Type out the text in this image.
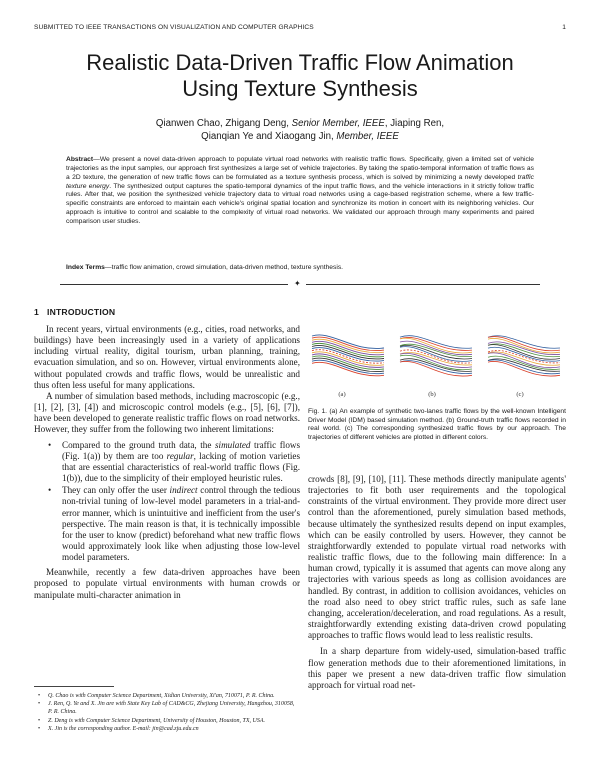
SUBMITTED TO IEEE TRANSACTIONS ON VISUALIZATION AND COMPUTER GRAPHICS	1
Realistic Data-Driven Traffic Flow Animation
Using Texture Synthesis
Qianwen Chao, Zhigang Deng, Senior Member, IEEE, Jiaping Ren,
Qianqian Ye and Xiaogang Jin, Member, IEEE
Abstract—We present a novel data-driven approach to populate virtual road networks with realistic traffic flows. Specifically, given a limited set of vehicle trajectories as the input samples, our approach first synthesizes a large set of vehicle trajectories. By taking the spatio-temporal information of traffic flows as a 2D texture, the generation of new traffic flows can be formulated as a texture synthesis process, which is solved by minimizing a newly developed traffic texture energy. The synthesized output captures the spatio-temporal dynamics of the input traffic flows, and the vehicle interactions in it strictly follow traffic rules. After that, we position the synthesized vehicle trajectory data to virtual road networks using a cage-based registration scheme, where a few traffic-specific constraints are enforced to maintain each vehicle's original spatial location and synchronize its motion in concert with its neighboring vehicles. Our approach is intuitive to control and scalable to the complexity of virtual road networks. We validated our approach through many experiments and paired comparison user studies.
Index Terms—traffic flow animation, crowd simulation, data-driven method, texture synthesis.
✦
1 INTRODUCTION

In recent years, virtual environments (e.g., cities, road networks, and buildings) have been increasingly used in a variety of applications including virtual reality, digital tourism, urban planning, training, evacuation simulation, and so on. However, virtual environments alone, without populated crowds and traffic flows, would be unrealistic and thus often less useful for many applications.

A number of simulation based methods, including macroscopic (e.g., [1], [2], [3], [4]) and microscopic control models (e.g., [5], [6], [7]), have been developed to generate realistic traffic flows on road networks. However, they suffer from the following two inherent limitations:

• Compared to the ground truth data, the simulated traffic flows (Fig. 1(a)) by them are too regular, lacking of motion varieties that are essential characteristics of real-world traffic flows (Fig. 1(b)), due to the simplicity of their employed heuristic rules.
• They can only offer the user indirect control through the tedious non-trivial tuning of low-level model parameters in a trial-and-error manner, which is unintuitive and inefficient from the user's perspective. The main reason is that, it is technically impossible for the user to know (predict) beforehand what new traffic flows would approximately look like when adjusting those low-level model parameters.

Meanwhile, recently a few data-driven approaches have been proposed to populate virtual environments with human crowds or manipulate multi-character animation in

• Q. Chao is with Computer Science Department, Xidian University, Xi'an, 710071, P. R. China.
• J. Ren, Q. Ye and X. Jin are with State Key Lab of CAD&CG, Zhejiang University, Hangzhou, 310058, P. R. China.
• Z. Deng is with Computer Science Department, University of Houston, Houston, TX, USA.
• X. Jin is the corresponding author. E-mail: jin@cad.zju.edu.cn
(a)	(b)	(c)
Fig. 1. (a) An example of synthetic two-lanes traffic flows by the well-known Intelligent Driver Model (IDM) based simulation method. (b) Ground-truth traffic flows recorded in real world. (c) The corresponding synthesized traffic flows by our approach. The trajectories of different vehicles are plotted in different colors.

crowds [8], [9], [10], [11]. These methods directly manipulate agents' trajectories to fit both user requirements and the topological constraints of the virtual environment. They provide more direct user control than the aforementioned, purely simulation based methods, because ultimately the synthesized results depend on input examples, which can be easily controlled by users. However, they cannot be straightforwardly extended to populate virtual road networks with realistic traffic flows, due to the following main difference: In a human crowd, typically it is assumed that agents can move along any trajectories with various speeds as long as collision avoidances are handled. By contrast, in addition to collision avoidances, vehicles on the road also need to obey strict traffic rules, such as safe lane changing, acceleration/deceleration, and road regulations. As a result, straightforwardly extending existing data-driven crowd populating approaches to traffic flows would lead to less realistic results.

In a sharp departure from widely-used, simulation-based traffic flow generation methods due to their aforementioned limitations, in this paper we present a new data-driven traffic flow simulation approach for virtual road net-
